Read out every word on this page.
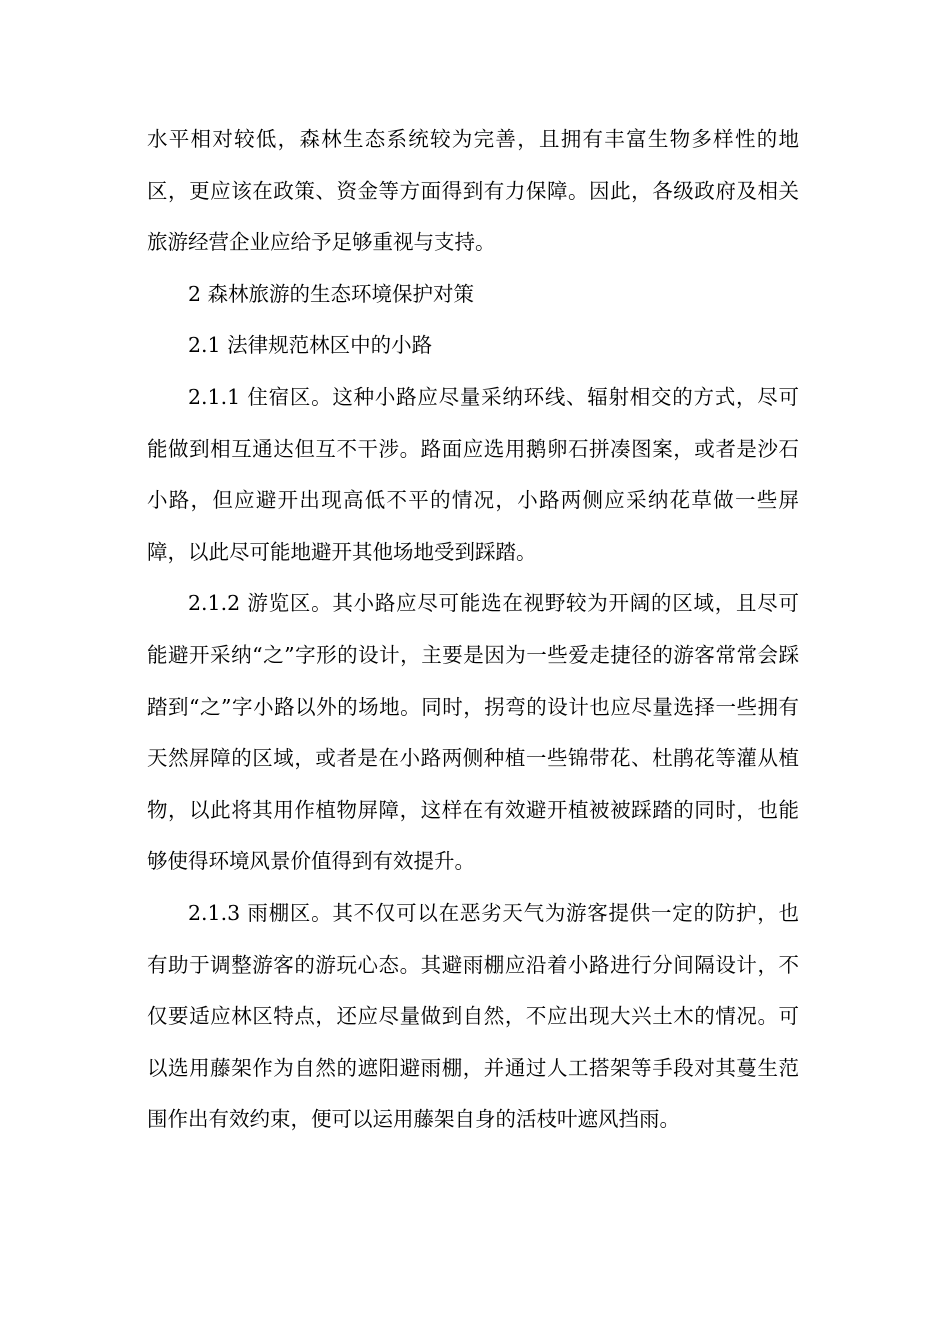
水平相对较低，森林生态系统较为完善，且拥有丰富生物多样性的地区，更应该在政策、资金等方面得到有力保障。因此，各级政府及相关旅游经营企业应给予足够重视与支持。

2 森林旅游的生态环境保护对策

2.1 法律规范林区中的小路

2.1.1 住宿区。这种小路应尽量采纳环线、辐射相交的方式，尽可能做到相互通达但互不干涉。路面应选用鹅卵石拼凑图案，或者是沙石小路，但应避开出现高低不平的情况，小路两侧应采纳花草做一些屏障，以此尽可能地避开其他场地受到踩踏。

2.1.2 游览区。其小路应尽可能选在视野较为开阔的区域，且尽可能避开采纳“之”字形的设计，主要是因为一些爱走捷径的游客常常会踩踏到“之”字小路以外的场地。同时，拐弯的设计也应尽量选择一些拥有天然屏障的区域，或者是在小路两侧种植一些锦带花、杜鹃花等灌从植物，以此将其用作植物屏障，这样在有效避开植被被踩踏的同时，也能够使得环境风景价值得到有效提升。

2.1.3 雨棚区。其不仅可以在恶劣天气为游客提供一定的防护，也有助于调整游客的游玩心态。其避雨棚应沿着小路进行分间隔设计，不仅要适应林区特点，还应尽量做到自然，不应出现大兴土木的情况。可以选用藤架作为自然的遮阳避雨棚，并通过人工搭架等手段对其蔓生范围作出有效约束，便可以运用藤架自身的活枝叶遮风挡雨。
